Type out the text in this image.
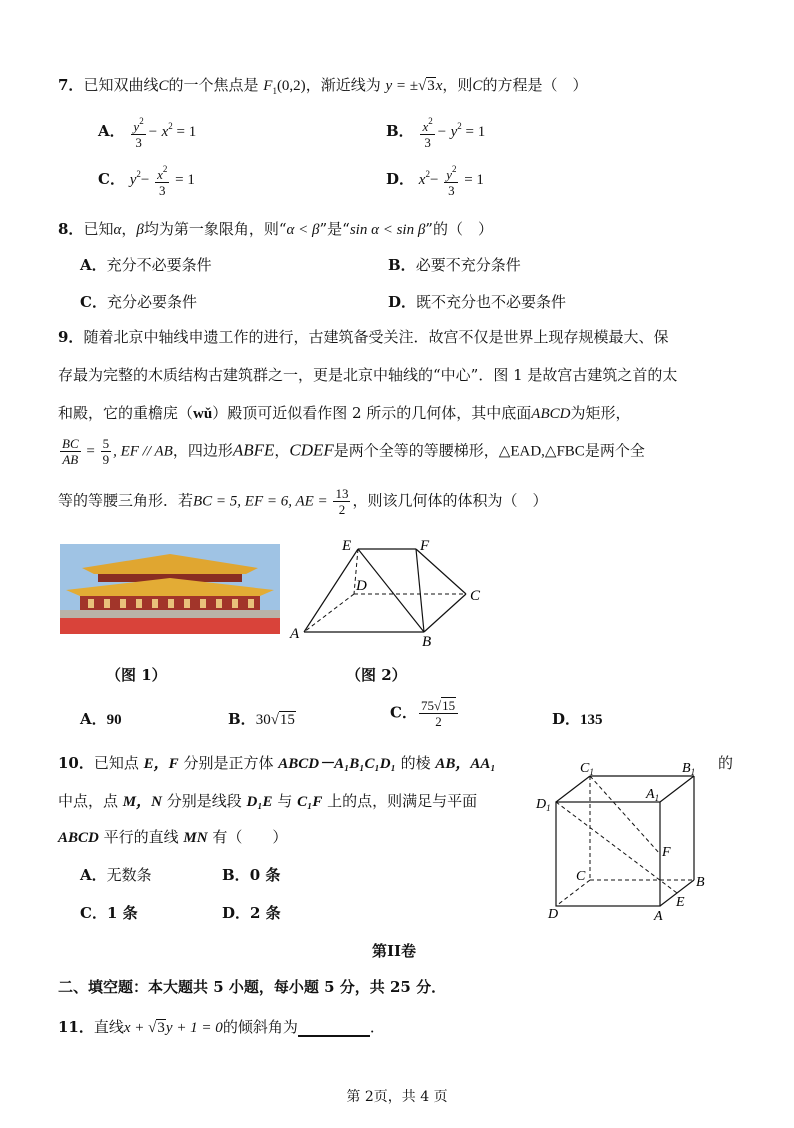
7．已知双曲线C的一个焦点是 $F_1(0,2)$，渐近线为 y = ±√3x，则C的方程是（　）
A． $\frac{y^2}{3} - x^2 = 1$	B． $\frac{x^2}{3} - y^2 = 1$
C． $y^2- \frac{x^2}{3} = 1$	D． $x^2- \frac{y^2}{3} = 1$
8．已知α，β均为第一象限角，则“α < β”是“sin α < sin β”的（　）
A．充分不必要条件	B．必要不充分条件
C．充分必要条件	D．既不充分也不必要条件
9．随着北京中轴线申遗工作的进行，古建筑备受关注．故宫不仅是世界上现存规模最大、保
存最为完整的木质结构古建筑群之一，更是北京中轴线的“中心”．图 1 是故宫古建筑之首的太
和殿，它的重檐庑（wǔ）殿顶可近似看作图 2 所示的几何体，其中底面ABCD为矩形，
$\frac{BC}{AB} = \frac{5}{9}$ , EF // AB，四边形ABFE，CDEF是两个全等的等腰梯形，△EAD,△FBC是两个全
等的等腰三角形．若BC = 5, EF = 6, AE = $\frac{13}{2}$ ，则该几何体的体积为（　）
E	F
D
C
A	B
（图 1）	（图 2）
A．90	B．30√15	C． $\frac{75√15}{2}$	D．135
10．已知点 E，F 分别是正方体 ABCD－A₁B₁C₁D₁ 的棱 AB，AA₁	的
中点，点 M，N 分别是线段 D₁E 与 C₁F 上的点，则满足与平面
ABCD 平行的直线 MN 有（　　）
A．无数条	B．0 条
C．1 条	D．2 条
$C_1$	$B_1$
$A_1$
$D_1$
F
C	B
D	A
E
第II卷
二、填空题：本大题共 5 小题，每小题 5 分，共 25 分．
11．直线x + √3y + 1 = 0的倾斜角为	．
第 2页，共 4 页
